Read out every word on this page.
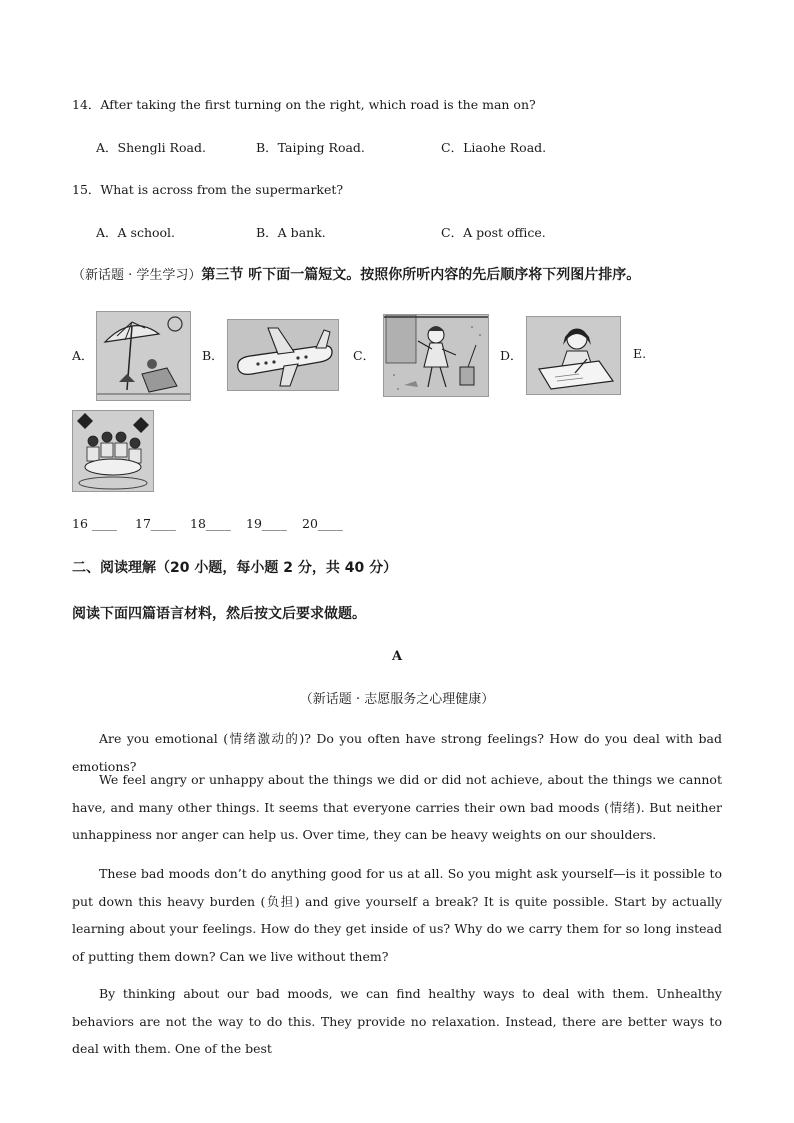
14．After taking the first turning on the right, which road is the man on?
A．Shengli Road.	B．Taiping Road.	C．Liaohe Road.
15．What is across from the supermarket?
A．A school.	B．A bank.	C．A post office.
（新话题 · 学生学习）第三节 听下面一篇短文。按照你所听内容的先后顺序将下列图片排序。
A．	B．	C．	D．	E.
16 ____ 17____ 18____ 19____ 20____
二、阅读理解（20 小题，每小题 2 分，共 40 分）
阅读下面四篇语言材料，然后按文后要求做题。
A
（新话题 · 志愿服务之心理健康）
Are you emotional (情绪激动的)? Do you often have strong feelings? How do you deal with bad emotions?
We feel angry or unhappy about the things we did or did not achieve, about the things we cannot have, and many other things. It seems that everyone carries their own bad moods (情绪). But neither unhappiness nor anger can help us. Over time, they can be heavy weights on our shoulders.
These bad moods don’t do anything good for us at all. So you might ask yourself—is it possible to put down this heavy burden (负担) and give yourself a break? It is quite possible. Start by actually learning about your feelings. How do they get inside of us? Why do we carry them for so long instead of putting them down? Can we live without them?
By thinking about our bad moods, we can find healthy ways to deal with them. Unhealthy behaviors are not the way to do this. They provide no relaxation. Instead, there are better ways to deal with them. One of the best
